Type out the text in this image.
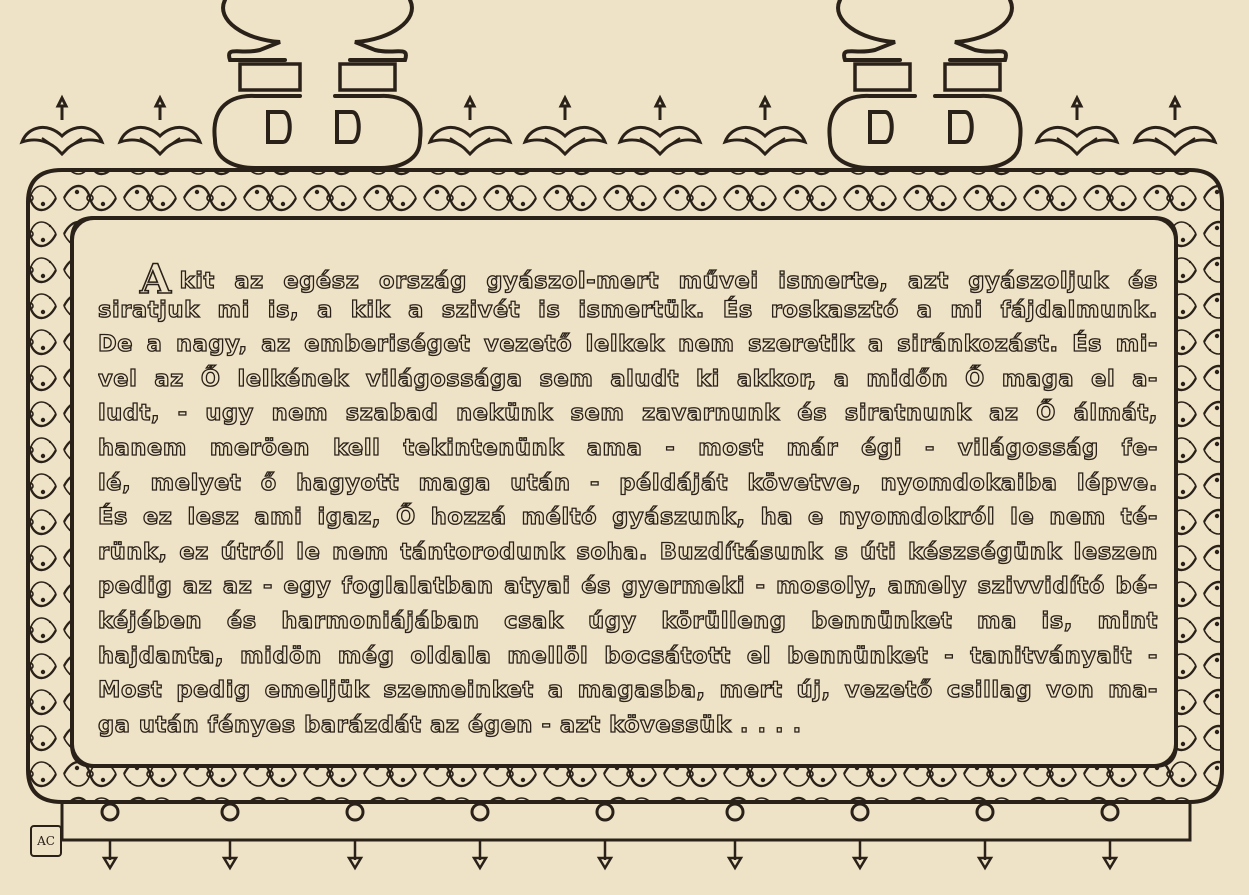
Akit az egész ország gyászol-mert művei ismerte, azt gyászoljuk és

siratjuk mi is, a kik a szivét is ismertük. És roskasztó a mi fájdalmunk.

De a nagy, az emberiséget vezető lelkek nem szeretik a siránkozást. És mi-

vel az Ő lelkének világossága sem aludt ki akkor, a midőn Ő maga el a-

ludt, - ugy nem szabad nekünk sem zavarnunk és siratnunk az Ő álmát,

hanem meröen kell tekintenünk ama - most már égi - világosság fe-

lé, melyet ő hagyott maga után - példáját követve, nyomdokaiba lépve.

És ez lesz ami igaz, Ő hozzá méltó gyászunk, ha e nyomdokról le nem té-

rünk, ez útról le nem tántorodunk soha. Buzdításunk s úti készségünk leszen

pedig az az - egy foglalatban atyai és gyermeki - mosoly, amely szivvidító bé-

kéjében és harmoniájában csak úgy körülleng bennünket ma is, mint

hajdanta, midön még oldala mellöl bocsátott el bennünket - tanitványait -

Most pedig emeljük szemeinket a magasba, mert új, vezető csillag von ma-

ga után fényes barázdát az égen - azt kövessük . . . .

AC
